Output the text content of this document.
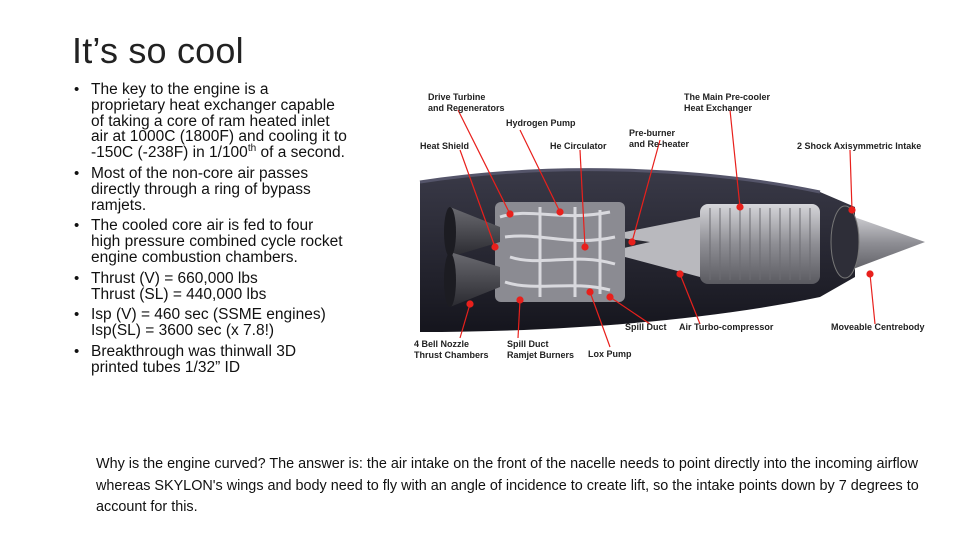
It’s so cool
• The key to the engine is a
proprietary heat exchanger capable
of taking a core of ram heated inlet
air at 1000C (1800F) and cooling it to
-150C (-238F) in 1/100th of a second.
• Most of the non-core air passes
directly through a ring of bypass
ramjets.
• The cooled core air is fed to four
high pressure combined cycle rocket
engine combustion chambers.
• Thrust (V) = 660,000 lbs
Thrust (SL) = 440,000 lbs
• Isp (V) = 460 sec (SSME engines)
Isp(SL) = 3600 sec (x 7.8!)
• Breakthrough was thinwall 3D
printed tubes 1/32” ID
Drive Turbine
and Regenerators
Hydrogen Pump
The Main Pre-cooler
Heat Exchanger
Heat Shield	He Circulator
Pre-burner
and Re-heater	2 Shock Axisymmetric Intake
Spill Duct Air Turbo-compressor	Moveable Centrebody
4 Bell Nozzle
Thrust Chambers
Spill Duct
Ramjet Burners Lox Pump
Why is the engine curved? The answer is: the air intake on the front of the nacelle needs to point directly into the incoming airflow whereas SKYLON's wings and body need to fly with an angle of incidence to create lift, so the intake points down by 7 degrees to account for this.
